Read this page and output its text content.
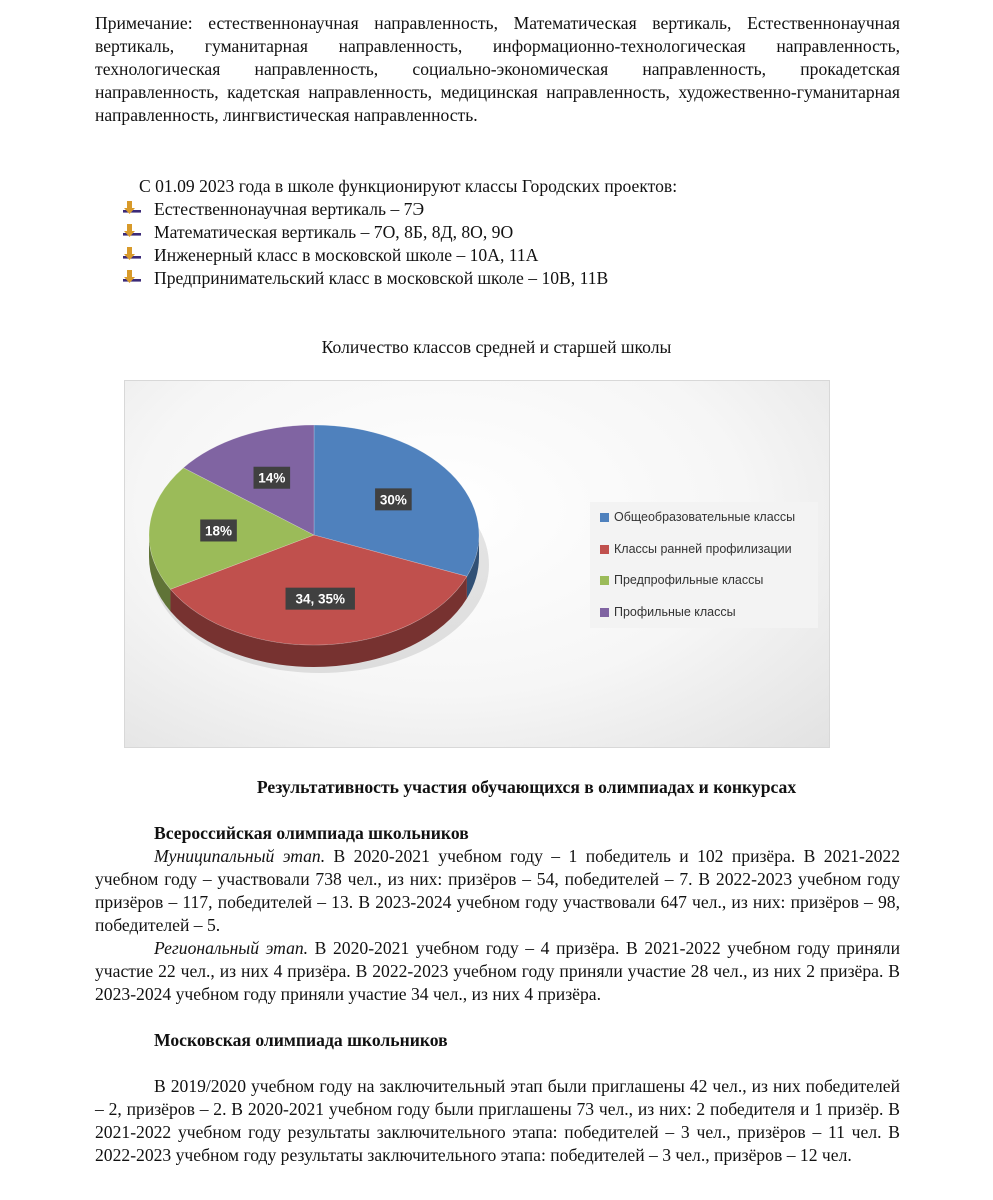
Примечание: естественнонаучная направленность, Математическая вертикаль, Естественнонаучная вертикаль, гуманитарная направленность, информационно-технологическая направленность, технологическая направленность, социально-экономическая направленность, прокадетская направленность, кадетская направленность, медицинская направленность, художественно-гуманитарная направленность, лингвистическая направленность.

С 01.09 2023 года в школе функционируют классы Городских проектов:

Естественнонаучная вертикаль – 7Э
Математическая вертикаль – 7О, 8Б, 8Д, 8О, 9О
Инженерный класс в московской школе – 10А, 11А
Предпринимательский класс в московской школе – 10В, 11В
Количество классов средней и старшей школы
30%
34, 35%
18%
14%
Общеобразовательные классы
Классы ранней профилизации
Предпрофильные классы
Профильные классы
Результативность участия обучающихся в олимпиадах и конкурсах

Всероссийская олимпиада школьников

Муниципальный этап. В 2020-2021 учебном году – 1 победитель и 102 призёра. В 2021-2022 учебном году – участвовали 738 чел., из них: призёров – 54, победителей – 7. В 2022-2023 учебном году призёров – 117, победителей – 13. В 2023-2024 учебном году участвовали 647 чел., из них: призёров – 98, победителей – 5.

Региональный этап. В 2020-2021 учебном году – 4 призёра. В 2021-2022 учебном году приняли участие 22 чел., из них 4 призёра. В 2022-2023 учебном году приняли участие 28 чел., из них 2 призёра. В 2023-2024 учебном году приняли участие 34 чел., из них 4 призёра.

Московская олимпиада школьников

В 2019/2020 учебном году на заключительный этап были приглашены 42 чел., из них победителей – 2, призёров – 2. В 2020-2021 учебном году были приглашены 73 чел., из них: 2 победителя и 1 призёр. В 2021-2022 учебном году результаты заключительного этапа: победителей – 3 чел., призёров – 11 чел. В 2022-2023 учебном году результаты заключительного этапа: победителей – 3 чел., призёров – 12 чел.
